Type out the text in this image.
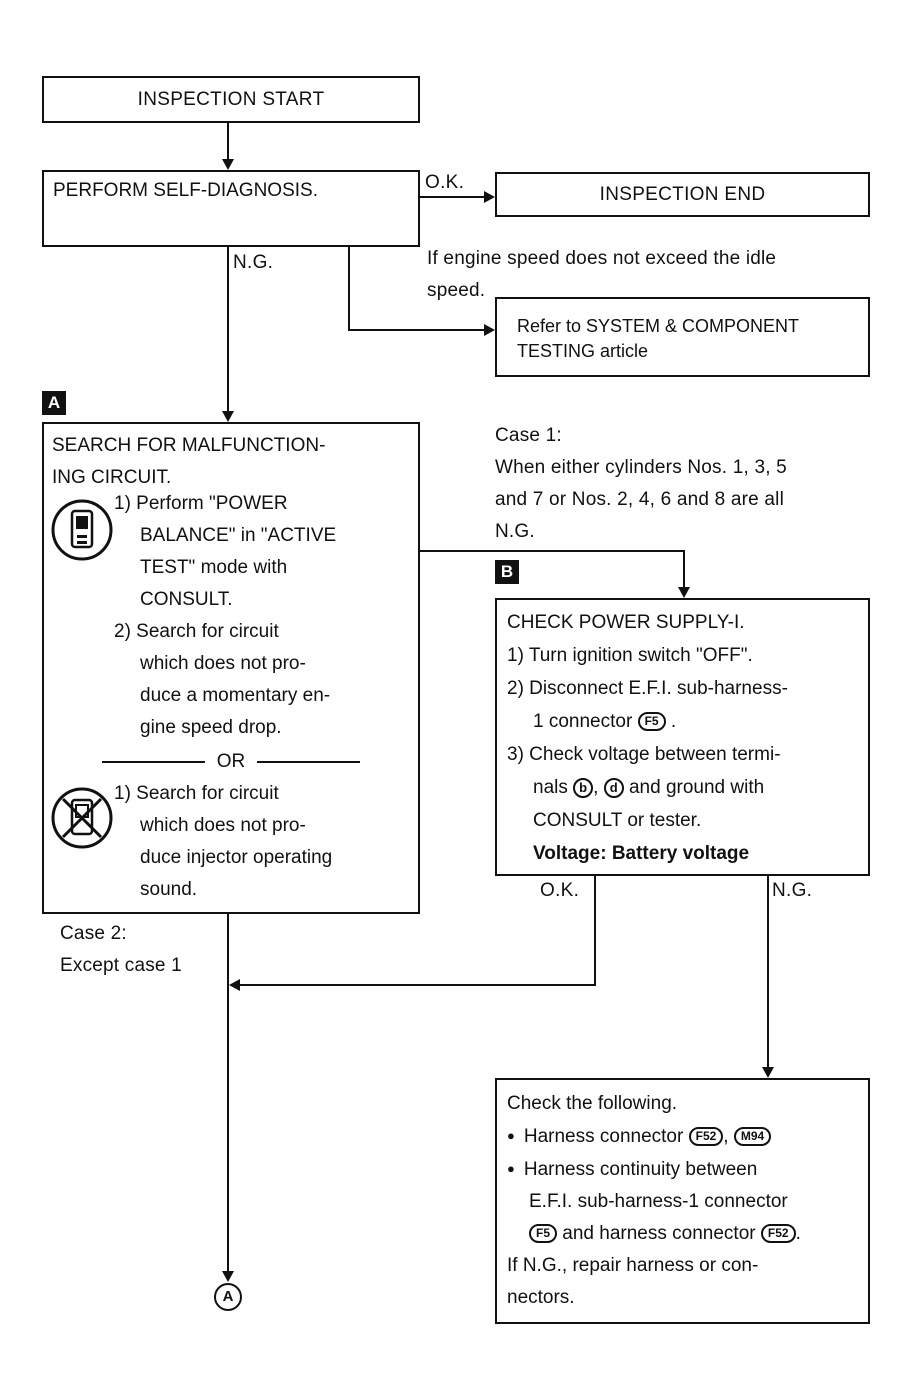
INSPECTION START
PERFORM SELF-DIAGNOSIS.	O.K.
INSPECTION END
If engine speed does not exceed the idle
speed.
Refer to SYSTEM & COMPONENT
TESTING article
N.G.
A
SEARCH FOR MALFUNCTION-
ING CIRCUIT.
1) Perform "POWER
BALANCE" in "ACTIVE
TEST" mode with
CONSULT.
2) Search for circuit
which does not pro-
duce a momentary en-
gine speed drop.
OR
1) Search for circuit
which does not pro-
duce injector operating
sound.
Case 1:
When either cylinders Nos. 1, 3, 5
and 7 or Nos. 2, 4, 6 and 8 are all
N.G.
B
CHECK POWER SUPPLY-I.
1) Turn ignition switch "OFF".
2) Disconnect E.F.I. sub-harness-
1 connector F5 .
3) Check voltage between termi-
nals b , d and ground with
CONSULT or tester.
Voltage: Battery voltage
O.K.	N.G.
Case 2:
Except case 1
A
Check the following.
● Harness connector F52 , M94
● Harness continuity between
E.F.I. sub-harness-1 connector
F5 and harness connector F52 .
If N.G., repair harness or con-
nectors.
